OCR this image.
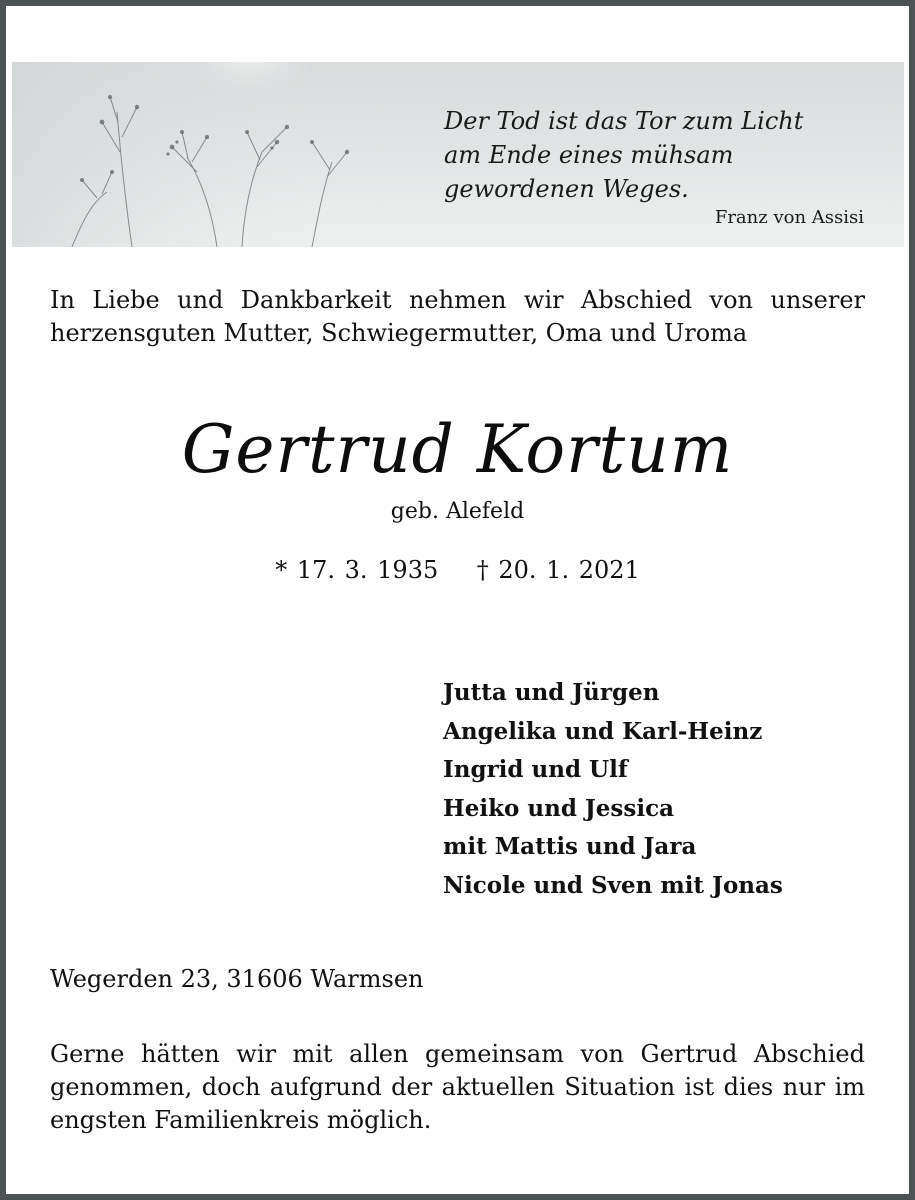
Der Tod ist das Tor zum Licht
am Ende eines mühsam
gewordenen Weges.
Franz von Assisi
In Liebe und Dankbarkeit nehmen wir Abschied von unserer herzensguten Mutter, Schwiegermutter, Oma und Uroma
Gertrud Kortum
geb. Alefeld
* 17. 3. 1935 † 20. 1. 2021
Jutta und Jürgen
Angelika und Karl-Heinz
Ingrid und Ulf
Heiko und Jessica
mit Mattis und Jara
Nicole und Sven mit Jonas
Wegerden 23, 31606 Warmsen
Gerne hätten wir mit allen gemeinsam von Gertrud Abschied genommen, doch aufgrund der aktuellen Situation ist dies nur im engsten Familienkreis möglich.
